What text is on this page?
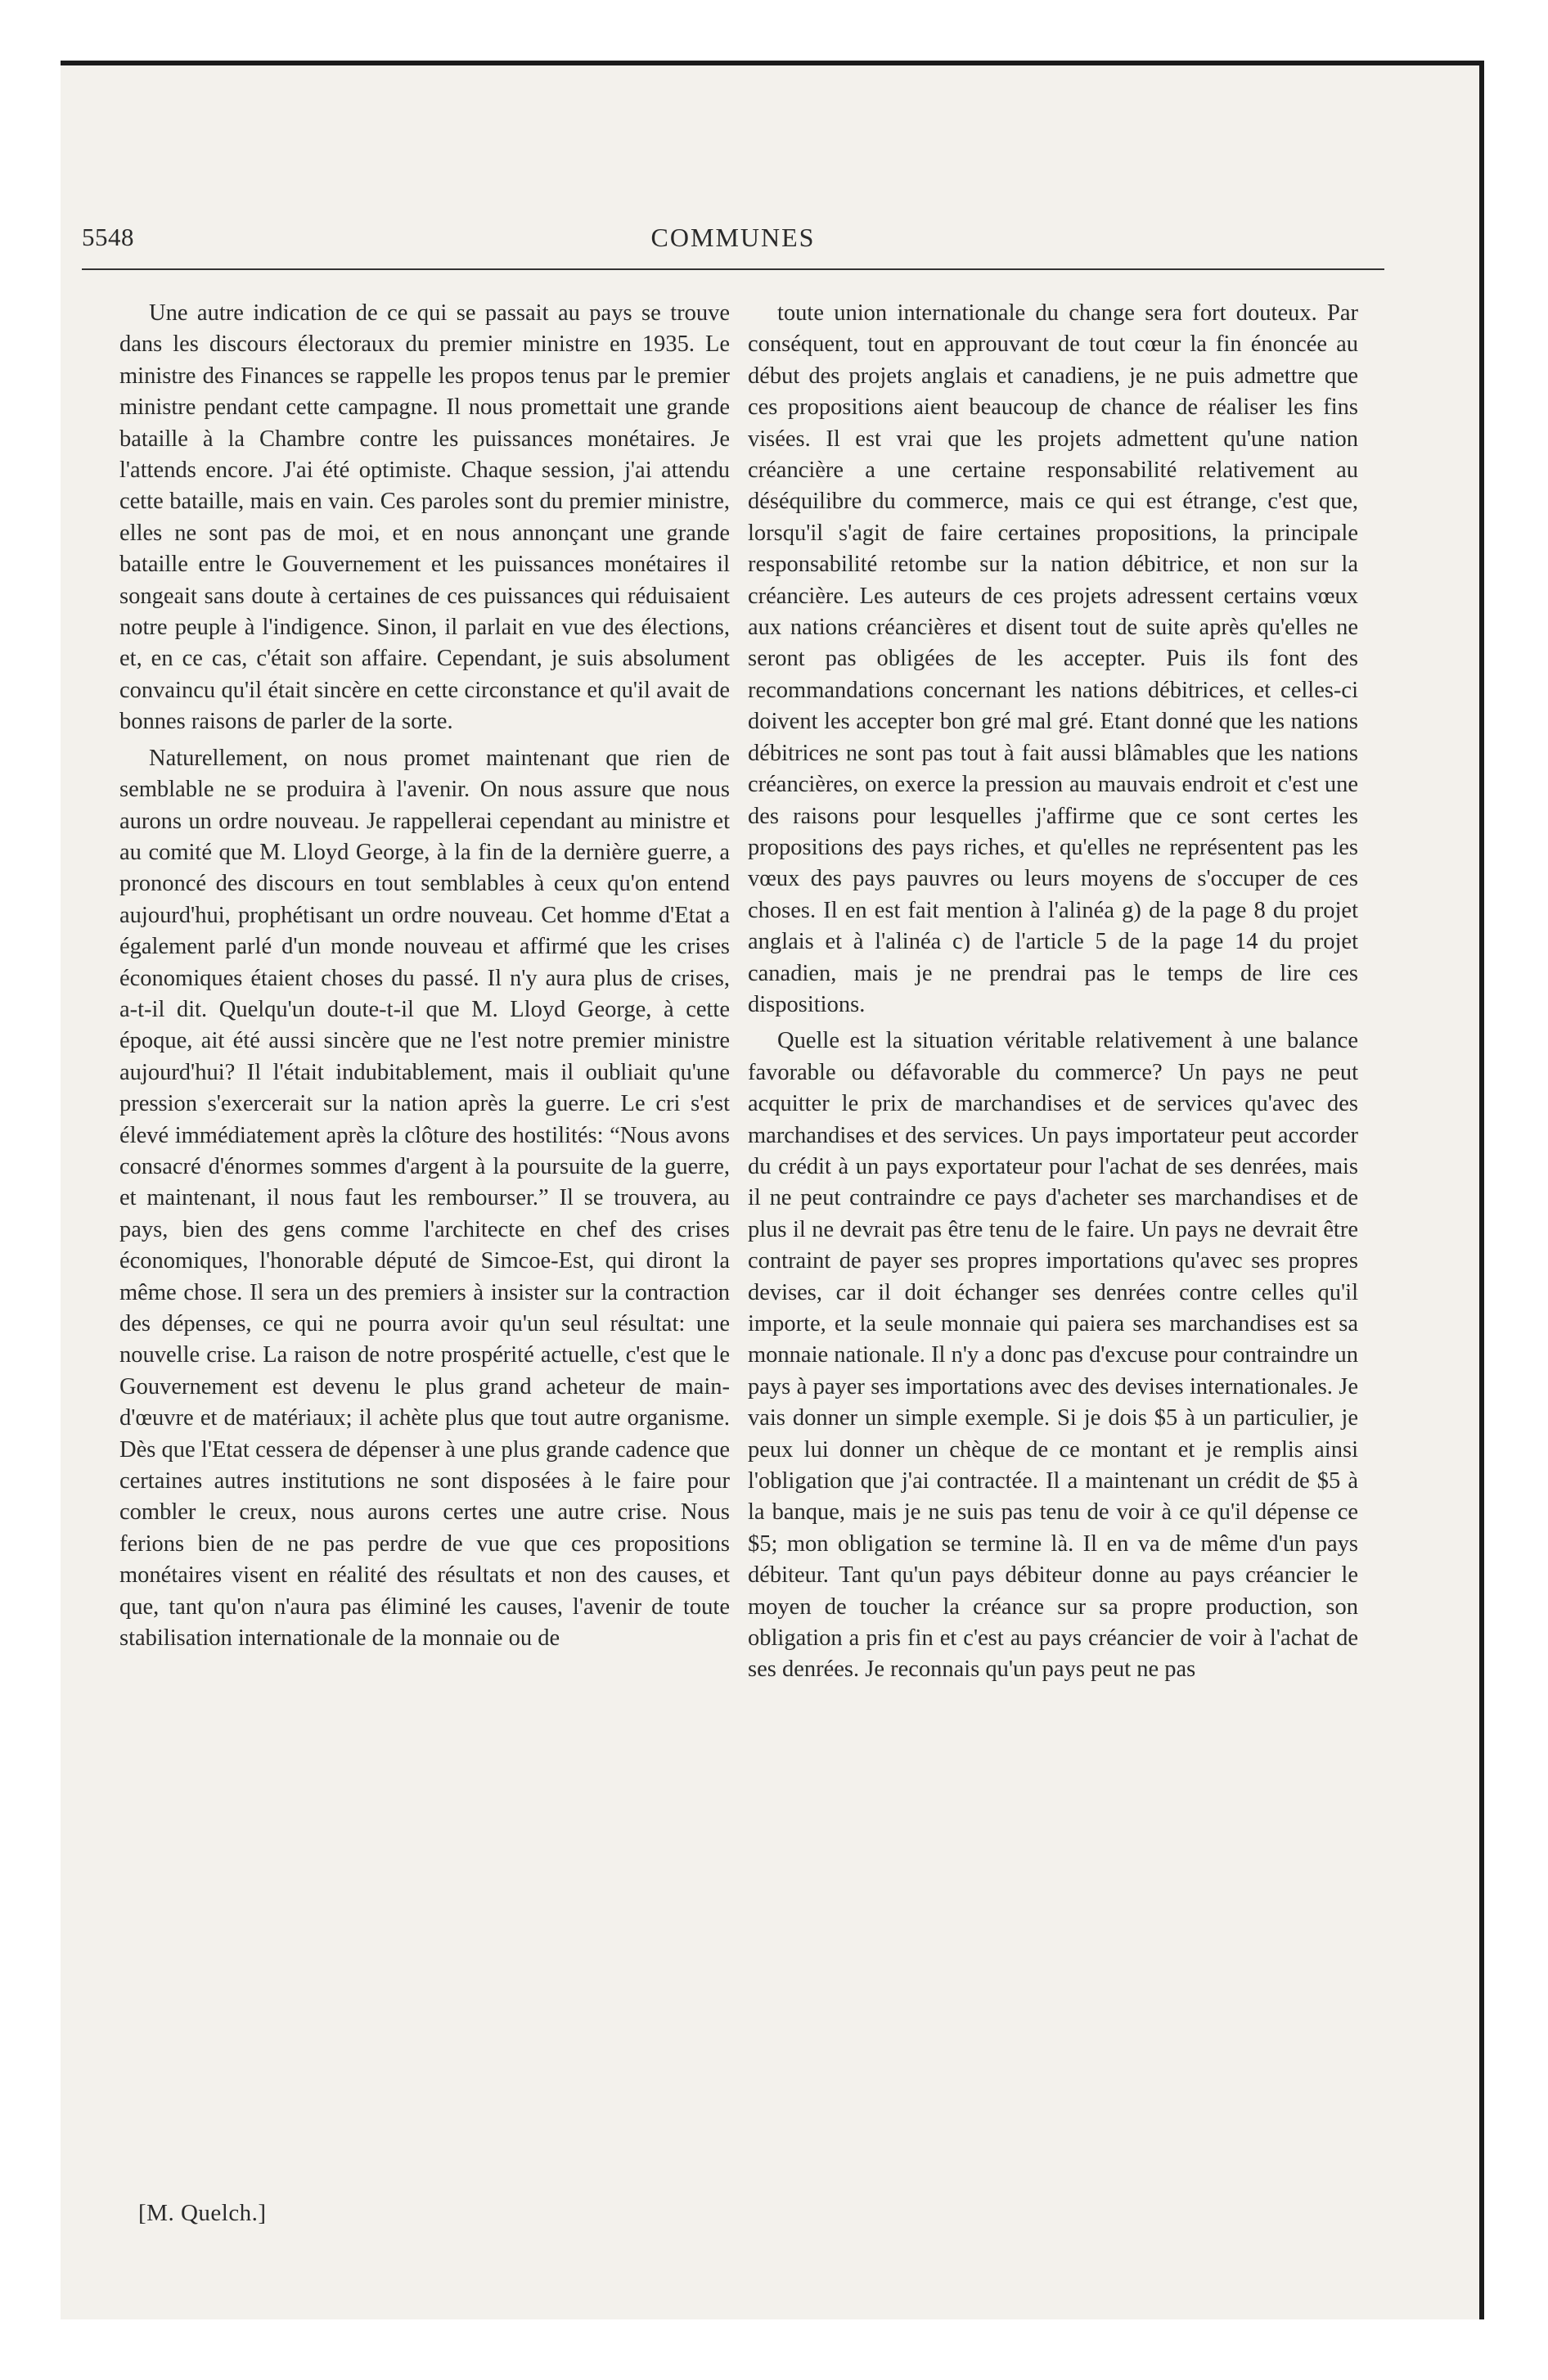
5548	COMMUNES

Une autre indication de ce qui se passait au pays se trouve dans les discours électoraux du premier ministre en 1935. Le ministre des Finances se rappelle les propos tenus par le premier ministre pendant cette campagne. Il nous promettait une grande bataille à la Chambre contre les puissances monétaires. Je l'attends encore. J'ai été optimiste. Chaque session, j'ai attendu cette bataille, mais en vain. Ces paroles sont du premier ministre, elles ne sont pas de moi, et en nous annonçant une grande bataille entre le Gouvernement et les puissances monétaires il songeait sans doute à certaines de ces puissances qui réduisaient notre peuple à l'indigence. Sinon, il parlait en vue des élections, et, en ce cas, c'était son affaire. Cependant, je suis absolument convaincu qu'il était sincère en cette circonstance et qu'il avait de bonnes raisons de parler de la sorte.

Naturellement, on nous promet maintenant que rien de semblable ne se produira à l'avenir. On nous assure que nous aurons un ordre nouveau. Je rappellerai cependant au ministre et au comité que M. Lloyd George, à la fin de la dernière guerre, a prononcé des discours en tout semblables à ceux qu'on entend aujourd'hui, prophétisant un ordre nouveau. Cet homme d'Etat a également parlé d'un monde nouveau et affirmé que les crises économiques étaient choses du passé. Il n'y aura plus de crises, a-t-il dit. Quelqu'un doute-t-il que M. Lloyd George, à cette époque, ait été aussi sincère que ne l'est notre premier ministre aujourd'hui? Il l'était indubitablement, mais il oubliait qu'une pression s'exercerait sur la nation après la guerre. Le cri s'est élevé immédiatement après la clôture des hostilités: “Nous avons consacré d'énormes sommes d'argent à la poursuite de la guerre, et maintenant, il nous faut les rembourser.” Il se trouvera, au pays, bien des gens comme l'architecte en chef des crises économiques, l'honorable député de Simcoe-Est, qui diront la même chose. Il sera un des premiers à insister sur la contraction des dépenses, ce qui ne pourra avoir qu'un seul résultat: une nouvelle crise. La raison de notre prospérité actuelle, c'est que le Gouvernement est devenu le plus grand acheteur de main-d'œuvre et de matériaux; il achète plus que tout autre organisme. Dès que l'Etat cessera de dépenser à une plus grande cadence que certaines autres institutions ne sont disposées à le faire pour combler le creux, nous aurons certes une autre crise. Nous ferions bien de ne pas perdre de vue que ces propositions monétaires visent en réalité des résultats et non des causes, et que, tant qu'on n'aura pas éliminé les causes, l'avenir de toute stabilisation internationale de la monnaie ou de

toute union internationale du change sera fort douteux. Par conséquent, tout en approuvant de tout cœur la fin énoncée au début des projets anglais et canadiens, je ne puis admettre que ces propositions aient beaucoup de chance de réaliser les fins visées. Il est vrai que les projets admettent qu'une nation créancière a une certaine responsabilité relativement au déséquilibre du commerce, mais ce qui est étrange, c'est que, lorsqu'il s'agit de faire certaines propositions, la principale responsabilité retombe sur la nation débitrice, et non sur la créancière. Les auteurs de ces projets adressent certains vœux aux nations créancières et disent tout de suite après qu'elles ne seront pas obligées de les accepter. Puis ils font des recommandations concernant les nations débitrices, et celles-ci doivent les accepter bon gré mal gré. Etant donné que les nations débitrices ne sont pas tout à fait aussi blâmables que les nations créancières, on exerce la pression au mauvais endroit et c'est une des raisons pour lesquelles j'affirme que ce sont certes les propositions des pays riches, et qu'elles ne représentent pas les vœux des pays pauvres ou leurs moyens de s'occuper de ces choses. Il en est fait mention à l'alinéa g) de la page 8 du projet anglais et à l'alinéa c) de l'article 5 de la page 14 du projet canadien, mais je ne prendrai pas le temps de lire ces dispositions.

Quelle est la situation véritable relativement à une balance favorable ou défavorable du commerce? Un pays ne peut acquitter le prix de marchandises et de services qu'avec des marchandises et des services. Un pays importateur peut accorder du crédit à un pays exportateur pour l'achat de ses denrées, mais il ne peut contraindre ce pays d'acheter ses marchandises et de plus il ne devrait pas être tenu de le faire. Un pays ne devrait être contraint de payer ses propres importations qu'avec ses propres devises, car il doit échanger ses denrées contre celles qu'il importe, et la seule monnaie qui paiera ses marchandises est sa monnaie nationale. Il n'y a donc pas d'excuse pour contraindre un pays à payer ses importations avec des devises internationales. Je vais donner un simple exemple. Si je dois $5 à un particulier, je peux lui donner un chèque de ce montant et je remplis ainsi l'obligation que j'ai contractée. Il a maintenant un crédit de $5 à la banque, mais je ne suis pas tenu de voir à ce qu'il dépense ce $5; mon obligation se termine là. Il en va de même d'un pays débiteur. Tant qu'un pays débiteur donne au pays créancier le moyen de toucher la créance sur sa propre production, son obligation a pris fin et c'est au pays créancier de voir à l'achat de ses denrées. Je reconnais qu'un pays peut ne pas

[M. Quelch.]
